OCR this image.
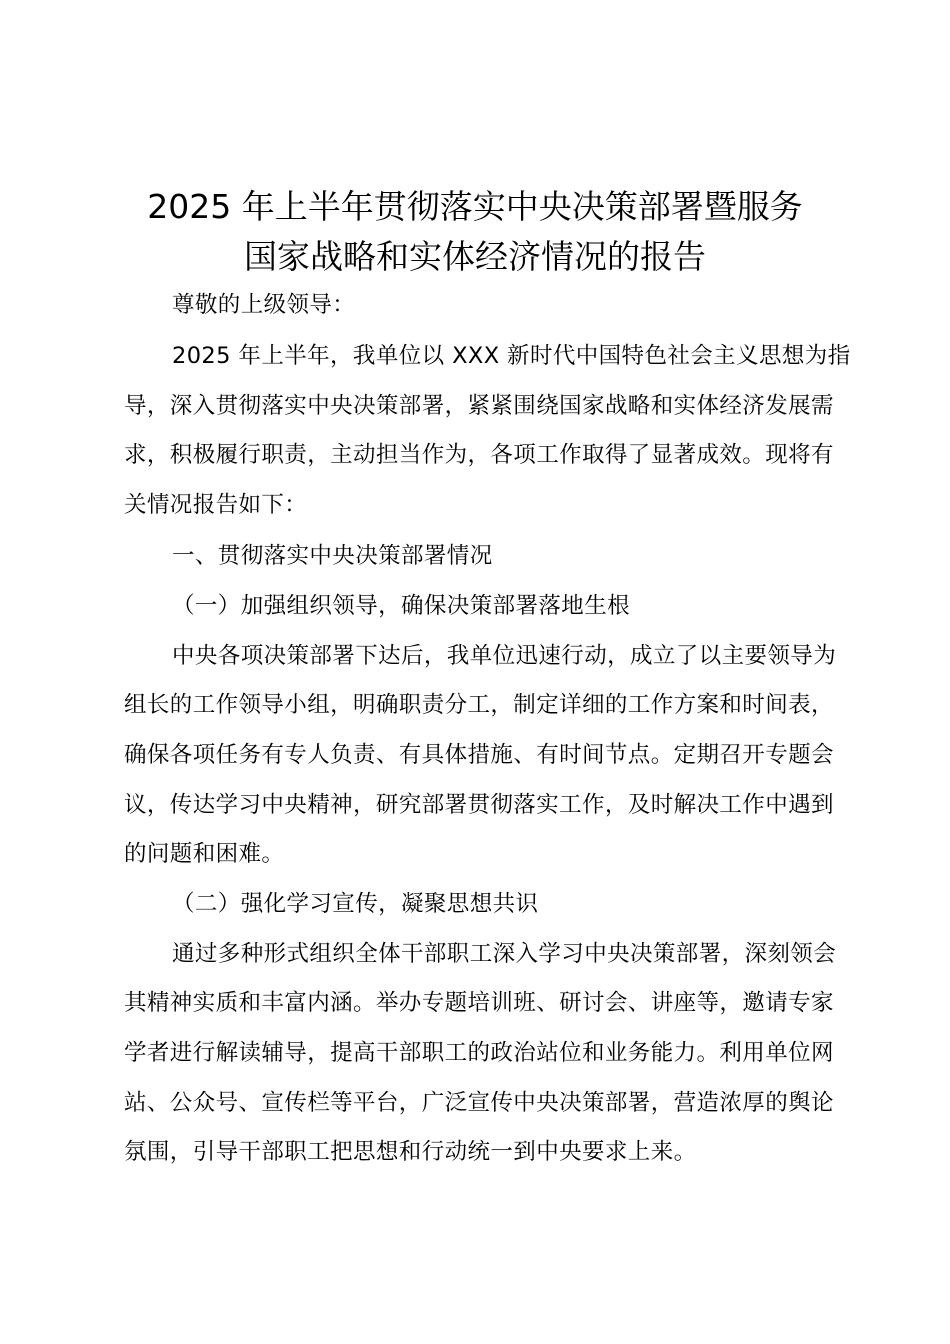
2025 年上半年贯彻落实中央决策部署暨服务
国家战略和实体经济情况的报告
尊敬的上级领导：
2025 年上半年，我单位以 XXX 新时代中国特色社会主义思想为指
导，深入贯彻落实中央决策部署，紧紧围绕国家战略和实体经济发展需
求，积极履行职责，主动担当作为，各项工作取得了显著成效。现将有
关情况报告如下：
一、贯彻落实中央决策部署情况
（一）加强组织领导，确保决策部署落地生根
中央各项决策部署下达后，我单位迅速行动，成立了以主要领导为
组长的工作领导小组，明确职责分工，制定详细的工作方案和时间表，
确保各项任务有专人负责、有具体措施、有时间节点。定期召开专题会
议，传达学习中央精神，研究部署贯彻落实工作，及时解决工作中遇到
的问题和困难。
（二）强化学习宣传，凝聚思想共识
通过多种形式组织全体干部职工深入学习中央决策部署，深刻领会
其精神实质和丰富内涵。举办专题培训班、研讨会、讲座等，邀请专家
学者进行解读辅导，提高干部职工的政治站位和业务能力。利用单位网
站、公众号、宣传栏等平台，广泛宣传中央决策部署，营造浓厚的舆论
氛围，引导干部职工把思想和行动统一到中央要求上来。
